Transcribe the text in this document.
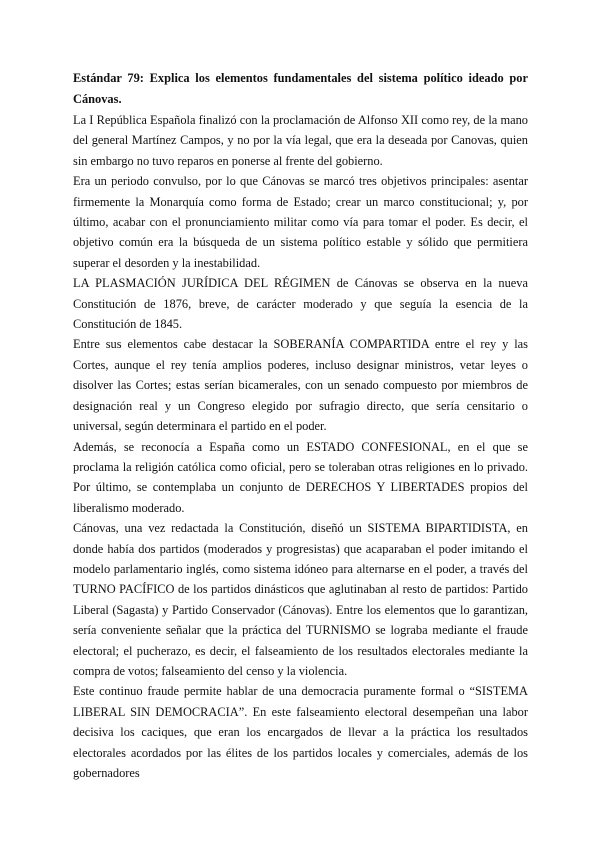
Estándar 79: Explica los elementos fundamentales del sistema político ideado por Cánovas.

La I República Española finalizó con la proclamación de Alfonso XII como rey, de la mano del general Martínez Campos, y no por la vía legal, que era la deseada por Canovas, quien sin embargo no tuvo reparos en ponerse al frente del gobierno.

Era un periodo convulso, por lo que Cánovas se marcó tres objetivos principales: asentar firmemente la Monarquía como forma de Estado; crear un marco constitucional; y, por último, acabar con el pronunciamiento militar como vía para tomar el poder. Es decir, el objetivo común era la búsqueda de un sistema político estable y sólido que permitiera superar el desorden y la inestabilidad.

LA PLASMACIÓN JURÍDICA DEL RÉGIMEN de Cánovas se observa en la nueva Constitución de 1876, breve, de carácter moderado y que seguía la esencia de la Constitución de 1845.

Entre sus elementos cabe destacar la SOBERANÍA COMPARTIDA entre el rey y las Cortes, aunque el rey tenía amplios poderes, incluso designar ministros, vetar leyes o disolver las Cortes; estas serían bicamerales, con un senado compuesto por miembros de designación real y un Congreso elegido por sufragio directo, que sería censitario o universal, según determinara el partido en el poder.

Además, se reconocía a España como un ESTADO CONFESIONAL, en el que se proclama la religión católica como oficial, pero se toleraban otras religiones en lo privado. Por último, se contemplaba un conjunto de DERECHOS Y LIBERTADES propios del liberalismo moderado.

Cánovas, una vez redactada la Constitución, diseñó un SISTEMA BIPARTIDISTA, en donde había dos partidos (moderados y progresistas) que acaparaban el poder imitando el modelo parlamentario inglés, como sistema idóneo para alternarse en el poder, a través del TURNO PACÍFICO de los partidos dinásticos que aglutinaban al resto de partidos: Partido Liberal (Sagasta) y Partido Conservador (Cánovas). Entre los elementos que lo garantizan, sería conveniente señalar que la práctica del TURNISMO se lograba mediante el fraude electoral; el pucherazo, es decir, el falseamiento de los resultados electorales mediante la compra de votos; falseamiento del censo y la violencia.

Este continuo fraude permite hablar de una democracia puramente formal o “SISTEMA LIBERAL SIN DEMOCRACIA”. En este falseamiento electoral desempeñan una labor decisiva los caciques, que eran los encargados de llevar a la práctica los resultados electorales acordados por las élites de los partidos locales y comerciales, además de los gobernadores
